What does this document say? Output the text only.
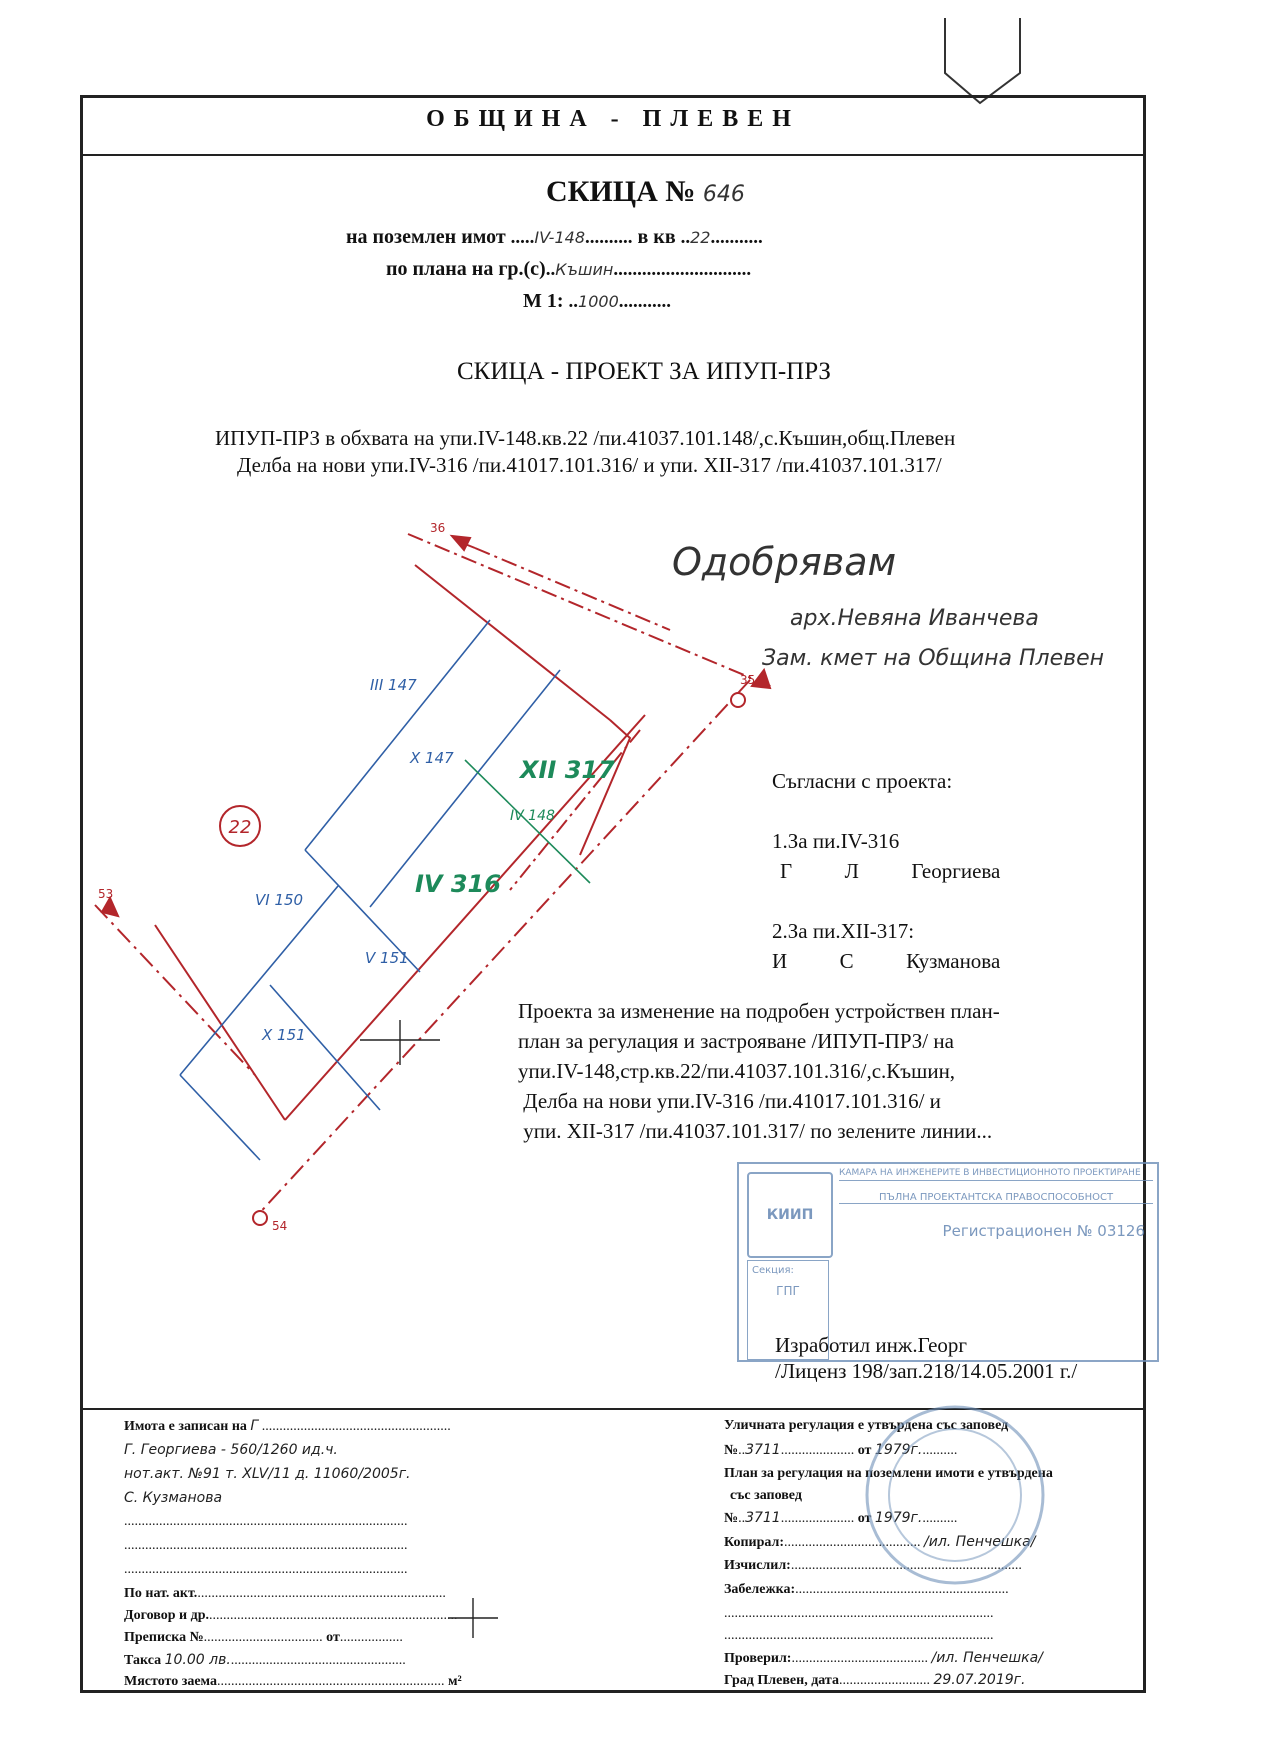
ОБЩИНА - ПЛЕВЕН
СКИЦА № 646
на поземлен имот .....IV-148.......... в кв ..22...........
по плана на гр.(с)..Къшин.............................
М 1: ..1000...........
СКИЦА - ПРОЕКТ ЗА ИПУП-ПРЗ
ИПУП-ПРЗ в обхвата на упи.IV-148.кв.22 /пи.41037.101.148/,с.Къшин,общ.Плевен
Делба на нови упи.IV-316 /пи.41017.101.316/ и упи. XII-317 /пи.41037.101.317/
Одобрявам
арх.Невяна Иванчева
Зам. кмет на Община Плевен
22
III 147
X 147
VI 150
V 151
X 151
XII 317
IV 316
IV 148
36
35
53
54
Съгласни с проекта:
1.За пи.IV-316
Г          Л          Георгиева
2.За пи.XII-317:
И          С          Кузманова
Проекта за изменение на подробен устройствен план-
план за регулация и застрояване /ИПУП-ПРЗ/ на
упи.IV-148,стр.кв.22/пи.41037.101.316/,с.Къшин,
Делба на нови упи.IV-316 /пи.41017.101.316/ и
упи. XII-317 /пи.41037.101.317/ по зелените линии...
КИИП
КАМАРА НА ИНЖЕНЕРИТЕ В ИНВЕСТИЦИОННОТО ПРОЕКТИРАНЕ
ПЪЛНА ПРОЕКТАНТСКА ПРАВОСПОСОБНОСТ
Регистрационен № 03126
Секция:
ГПГ
Изработил инж.Георг
/Лиценз 198/зап.218/14.05.2001 г./
Имота е записан на Г ......................................................
Г. Георгиева - 560/1260 ид.ч.
нот.акт. №91 т. XLV/11 д. 11060/2005г.
С. Кузманова
.................................................................................
.................................................................................
.................................................................................
По нат. акт........................................................................
Договор и др........................................................................
Преписка №.................................. от..................
Такса 10.00 лв...................................................
Мястото заема................................................................. м²
Уличната регулация е утвърдена със заповед
№..3711..................... от 1979г...........
План за регулация на поземлени имоти е утвърдена
със заповед
№..3711..................... от 1979г...........
Копирал:....................................... /ил. Пенчешка/
Изчислил:..................................................................
Забележка:.............................................................
.............................................................................
.............................................................................
Проверил:....................................... /ил. Пенчешка/
Град Плевен, дата.......................... 29.07.2019г.
